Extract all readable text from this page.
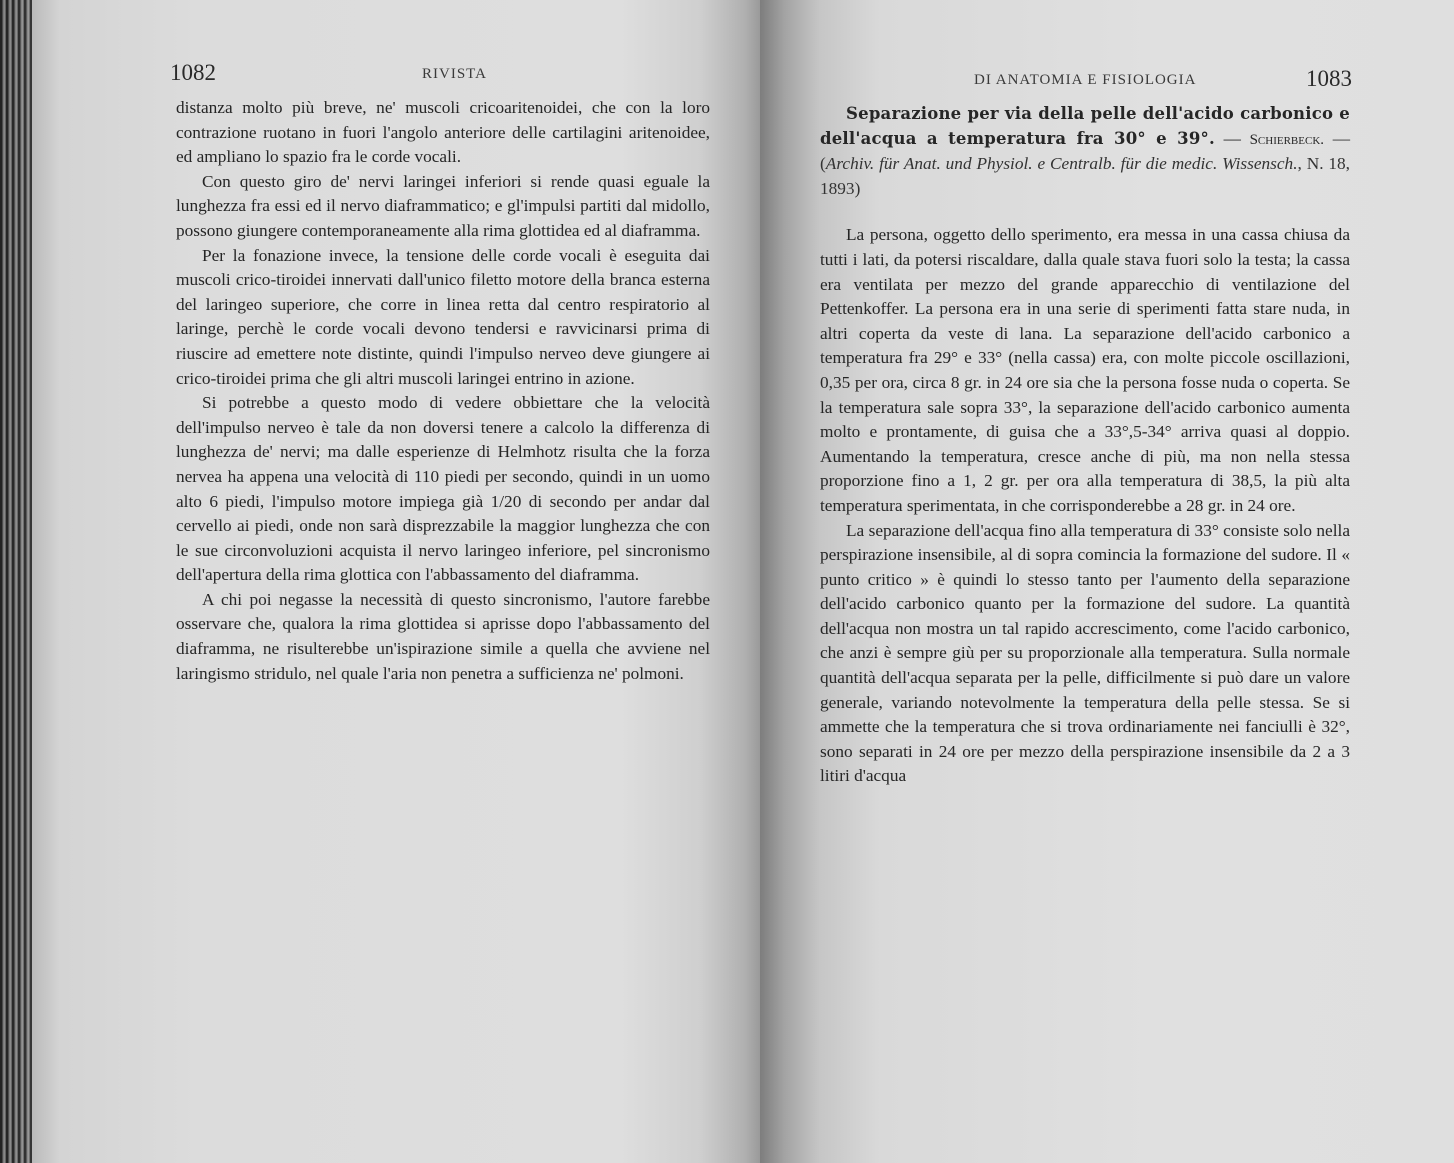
1082	RIVISTA

distanza molto più breve, ne' muscoli cricoaritenoidei, che con la loro contrazione ruotano in fuori l'angolo anteriore delle cartilagini aritenoidee, ed ampliano lo spazio fra le corde vocali.

Con questo giro de' nervi laringei inferiori si rende quasi eguale la lunghezza fra essi ed il nervo diaframmatico; e gl'impulsi partiti dal midollo, possono giungere contemporaneamente alla rima glottidea ed al diaframma.

Per la fonazione invece, la tensione delle corde vocali è eseguita dai muscoli crico-tiroidei innervati dall'unico filetto motore della branca esterna del laringeo superiore, che corre in linea retta dal centro respiratorio al laringe, perchè le corde vocali devono tendersi e ravvicinarsi prima di riuscire ad emettere note distinte, quindi l'impulso nerveo deve giungere ai crico-tiroidei prima che gli altri muscoli laringei entrino in azione.

Si potrebbe a questo modo di vedere obbiettare che la velocità dell'impulso nerveo è tale da non doversi tenere a calcolo la differenza di lunghezza de' nervi; ma dalle esperienze di Helmhotz risulta che la forza nervea ha appena una velocità di 110 piedi per secondo, quindi in un uomo alto 6 piedi, l'impulso motore impiega già 1/20 di secondo per andar dal cervello ai piedi, onde non sarà disprezzabile la maggior lunghezza che con le sue circonvoluzioni acquista il nervo laringeo inferiore, pel sincronismo dell'apertura della rima glottica con l'abbassamento del diaframma.

A chi poi negasse la necessità di questo sincronismo, l'autore farebbe osservare che, qualora la rima glottidea si aprisse dopo l'abbassamento del diaframma, ne risulterebbe un'ispirazione simile a quella che avviene nel laringismo stridulo, nel quale l'aria non penetra a sufficienza ne' polmoni.

DI ANATOMIA E FISIOLOGIA	1083

Separazione per via della pelle dell'acido carbonico e dell'acqua a temperatura fra 30° e 39°. — Schierbeck. — (Archiv. für Anat. und Physiol. e Centralb. für die medic. Wissensch., N. 18, 1893)

La persona, oggetto dello sperimento, era messa in una cassa chiusa da tutti i lati, da potersi riscaldare, dalla quale stava fuori solo la testa; la cassa era ventilata per mezzo del grande apparecchio di ventilazione del Pettenkoffer. La persona era in una serie di sperimenti fatta stare nuda, in altri coperta da veste di lana. La separazione dell'acido carbonico a temperatura fra 29° e 33° (nella cassa) era, con molte piccole oscillazioni, 0,35 per ora, circa 8 gr. in 24 ore sia che la persona fosse nuda o coperta. Se la temperatura sale sopra 33°, la separazione dell'acido carbonico aumenta molto e prontamente, di guisa che a 33°,5-34° arriva quasi al doppio. Aumentando la temperatura, cresce anche di più, ma non nella stessa proporzione fino a 1, 2 gr. per ora alla temperatura di 38,5, la più alta temperatura sperimentata, in che corrisponderebbe a 28 gr. in 24 ore.

La separazione dell'acqua fino alla temperatura di 33° consiste solo nella perspirazione insensibile, al di sopra comincia la formazione del sudore. Il « punto critico » è quindi lo stesso tanto per l'aumento della separazione dell'acido carbonico quanto per la formazione del sudore. La quantità dell'acqua non mostra un tal rapido accrescimento, come l'acido carbonico, che anzi è sempre giù per su proporzionale alla temperatura. Sulla normale quantità dell'acqua separata per la pelle, difficilmente si può dare un valore generale, variando notevolmente la temperatura della pelle stessa. Se si ammette che la temperatura che si trova ordinariamente nei fanciulli è 32°, sono separati in 24 ore per mezzo della perspirazione insensibile da 2 a 3 litiri d'acqua
